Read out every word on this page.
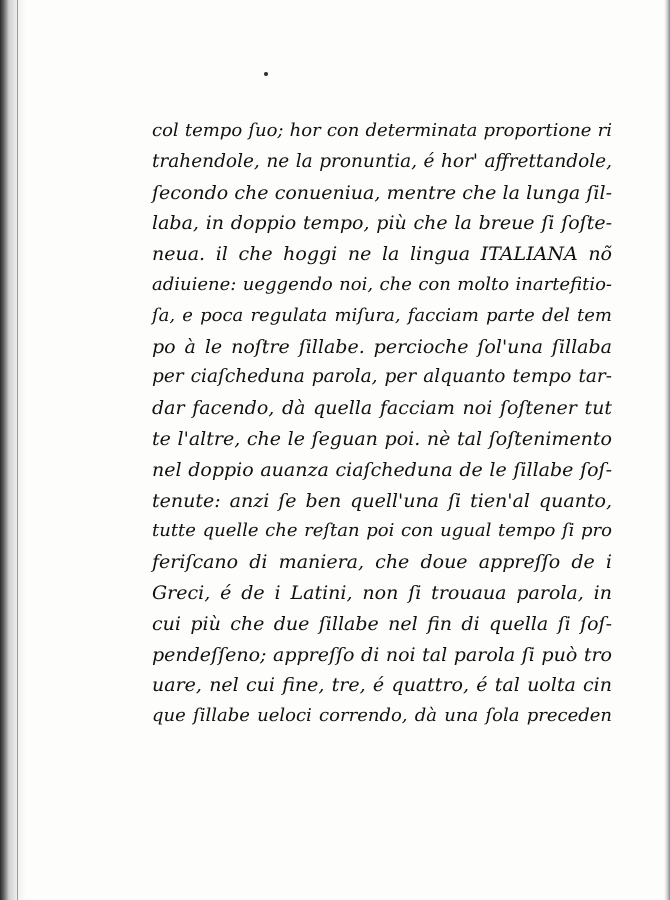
col tempo ſuo; hor con determinata proportione ri
trahendole, ne la pronuntia, é hor' affrettandole,
ſecondo che conueniua, mentre che la lunga ſil-
laba, in doppio tempo, più che la breue ſi ſoſte-
neua. il che hoggi ne la lingua ITALIANA nõ
adiuiene: ueggendo noi, che con molto inartefitio-
ſa, e poca regulata miſura, facciam parte del tem
po à le noſtre ſillabe. percioche ſol'una ſillaba
per ciaſcheduna parola, per alquanto tempo tar-
dar facendo, dà quella facciam noi ſoſtener tut
te l'altre, che le ſeguan poi. nè tal ſoſtenimento
nel doppio auanza ciaſcheduna de le ſillabe ſoſ-
tenute: anzi ſe ben quell'una ſi tien'al quanto,
tutte quelle che reſtan poi con ugual tempo ſi pro
feriſcano di maniera, che doue appreſſo de i
Greci, é de i Latini, non ſi trouaua parola, in
cui più che due ſillabe nel fin di quella ſi ſoſ-
pendeſſeno; appreſſo di noi tal parola ſi può tro
uare, nel cui fine, tre, é quattro, é tal uolta cin
que ſillabe ueloci correndo, dà una ſola preceden
